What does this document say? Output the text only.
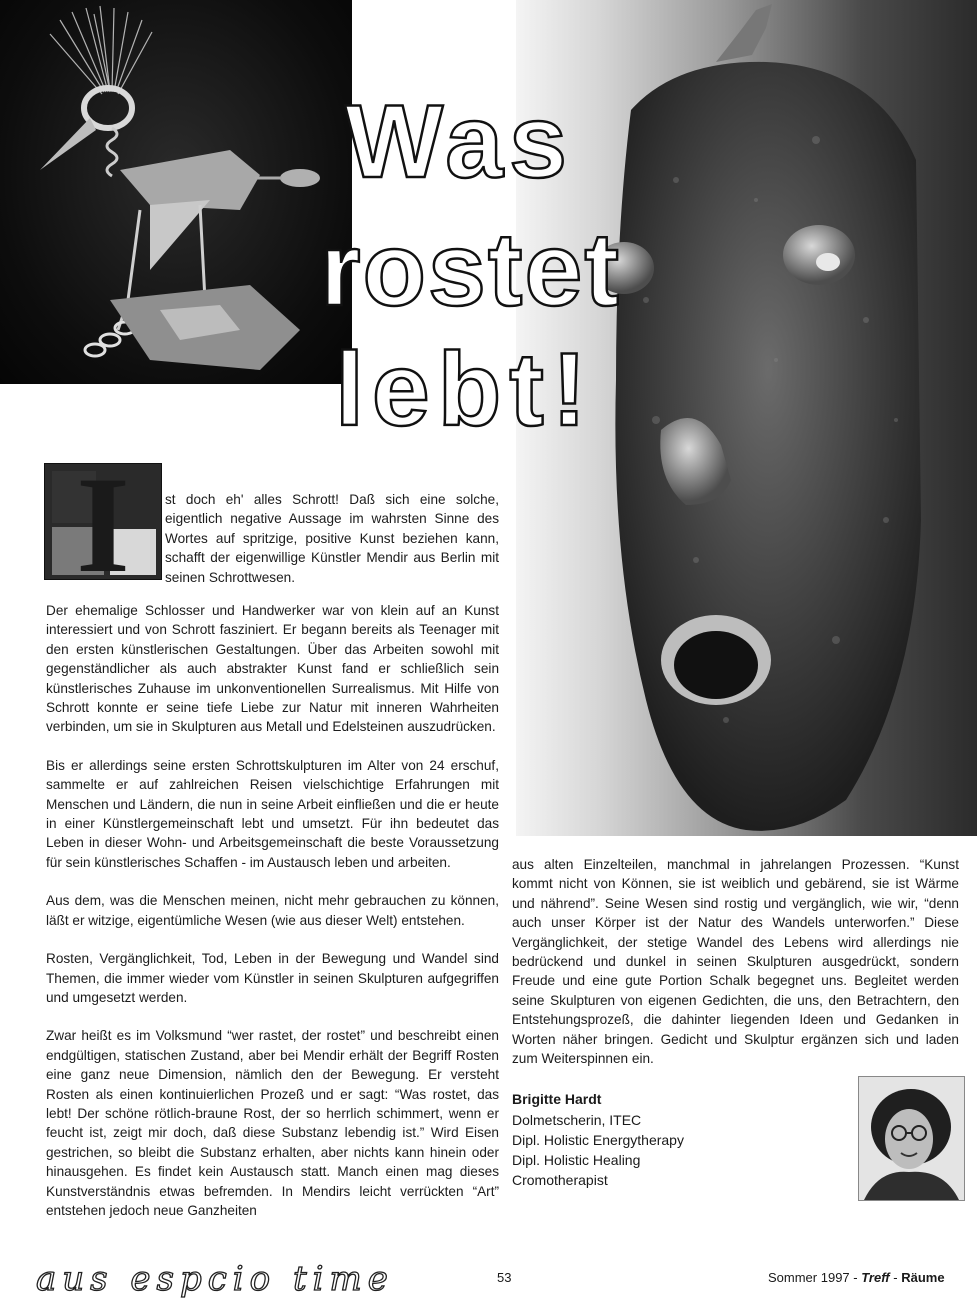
Was
rostet
lebt!
I	st doch eh' alles Schrott! Daß sich eine solche, eigentlich negative Aussage im wahrsten Sinne des Wortes auf spritzige, positive Kunst beziehen kann, schafft der eigenwillige Künstler Mendir aus Berlin mit seinen Schrottwesen.

Der ehemalige Schlosser und Handwerker war von klein auf an Kunst interessiert und von Schrott fasziniert. Er begann bereits als Teenager mit den ersten künstlerischen Gestaltungen. Über das Arbeiten sowohl mit gegenständlicher als auch abstrakter Kunst fand er schließlich sein künstlerisches Zuhause im unkonventionellen Surrealismus. Mit Hilfe von Schrott konnte er seine tiefe Liebe zur Natur mit inneren Wahrheiten verbinden, um sie in Skulpturen aus Metall und Edelsteinen auszudrücken.

Bis er allerdings seine ersten Schrottskulpturen im Alter von 24 erschuf, sammelte er auf zahlreichen Reisen vielschichtige Erfahrungen mit Menschen und Ländern, die nun in seine Arbeit einfließen und die er heute in einer Künstlergemeinschaft lebt und umsetzt. Für ihn bedeutet das Leben in dieser Wohn- und Arbeitsgemeinschaft die beste Voraussetzung für sein künstlerisches Schaffen - im Austausch leben und arbeiten.

Aus dem, was die Menschen meinen, nicht mehr gebrauchen zu können, läßt er witzige, eigentümliche Wesen (wie aus dieser Welt) entstehen.

Rosten, Vergänglichkeit, Tod, Leben in der Bewegung und Wandel sind Themen, die immer wieder vom Künstler in seinen Skulpturen aufgegriffen und umgesetzt werden.

Zwar heißt es im Volksmund “wer rastet, der rostet” und beschreibt einen endgültigen, statischen Zustand, aber bei Mendir erhält der Begriff Rosten eine ganz neue Dimension, nämlich den der Bewegung. Er versteht Rosten als einen kontinuierlichen Prozeß und er sagt: “Was rostet, das lebt! Der schöne rötlich-braune Rost, der so herrlich schimmert, wenn er feucht ist, zeigt mir doch, daß diese Substanz lebendig ist.” Wird Eisen gestrichen, so bleibt die Substanz erhalten, aber nichts kann hinein oder hinausgehen. Es findet kein Austausch statt. Manch einen mag dieses Kunstverständnis etwas befremden. In Mendirs leicht verrückten “Art” entstehen jedoch neue Ganzheiten

aus alten Einzelteilen, manchmal in jahrelangen Prozessen. “Kunst kommt nicht von Können, sie ist weiblich und gebärend, sie ist Wärme und nährend”. Seine Wesen sind rostig und vergänglich, wie wir, “denn auch unser Körper ist der Natur des Wandels unterworfen.” Diese Vergänglichkeit, der stetige Wandel des Lebens wird allerdings nie bedrückend und dunkel in seinen Skulpturen ausgedrückt, sondern Freude und eine gute Portion Schalk begegnet uns. Begleitet werden seine Skulpturen von eigenen Gedichten, die uns, den Betrachtern, den Entstehungsprozeß, die dahinter liegenden Ideen und Gedanken in Worten näher bringen. Gedicht und Skulptur ergänzen sich und laden zum Weiterspinnen ein.

Brigitte Hardt

Dolmetscherin, ITEC

Dipl. Holistic Energytherapy

Dipl. Holistic Healing

Cromotherapist

aus espcio time	53	Sommer 1997 - Treff - Räume
